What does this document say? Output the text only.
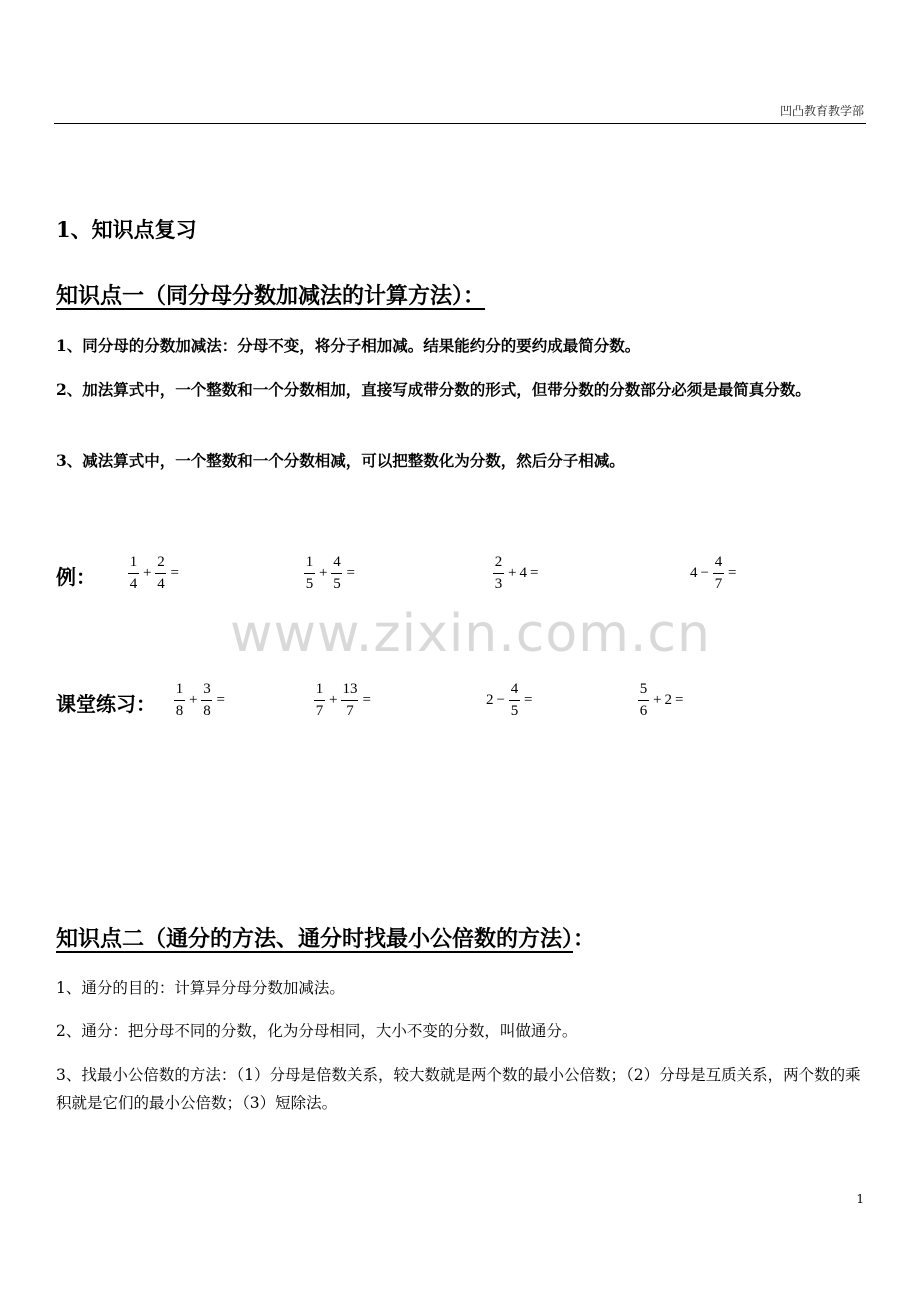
凹凸教育教学部
1、知识点复习
知识点一（同分母分数加减法的计算方法）：
1、同分母的分数加减法：分母不变，将分子相加减。结果能约分的要约成最简分数。
2、加法算式中，一个整数和一个分数相加，直接写成带分数的形式，但带分数的分数部分必须是最简真分数。
3、减法算式中，一个整数和一个分数相减，可以把整数化为分数，然后分子相减。
例： $\frac{1}{4} + \frac{2}{4}$ =	$\frac{1}{5} + \frac{4}{5}$ =	$\frac{2}{3} + 4$ =	$4 - \frac{4}{7}$ =
www.zixin.com.cn
课堂练习： $\frac{1}{8} + \frac{3}{8}$ =	$\frac{1}{7} + \frac{13}{7}$ =	$2 - \frac{4}{5}$ =	$\frac{5}{6} + 2$ =
知识点二（通分的方法、通分时找最小公倍数的方法）：
1、通分的目的：计算异分母分数加减法。
2、通分：把分母不同的分数，化为分母相同，大小不变的分数，叫做通分。
3、找最小公倍数的方法：（1）分母是倍数关系，较大数就是两个数的最小公倍数；（2）分母是互质关系，两个数的乘积就是它们的最小公倍数；（3）短除法。
1
